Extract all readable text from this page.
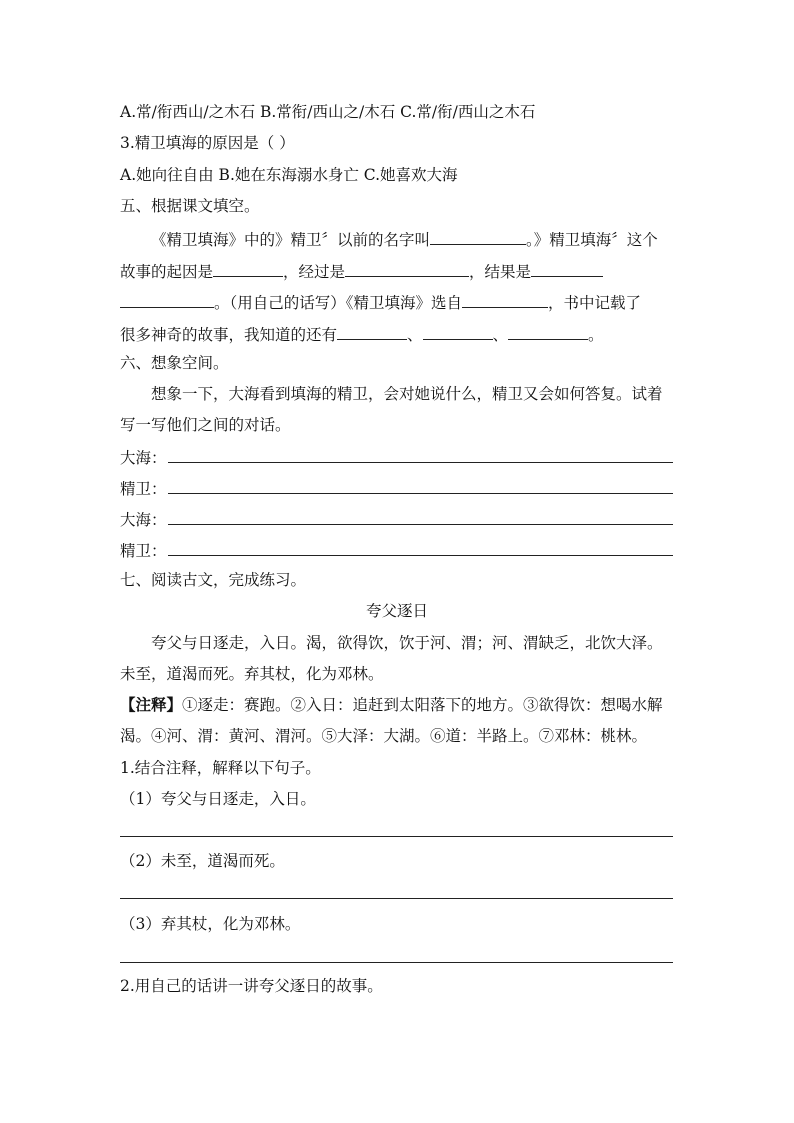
A.常/衔西山/之木石 B.常衔/西山之/木石 C.常/衔/西山之木石
3.精卫填海的原因是（ ）
A.她向往自由 B.她在东海溺水身亡 C.她喜欢大海
五、根据课文填空。
《精卫填海》中的》精卫〞以前的名字叫	。》精卫填海〞这个
故事的起因是	，经过是	，结果是
。（用自己的话写）《精卫填海》选自	，书中记载了
很多神奇的故事，我知道的还有	、	、	。
六、想象空间。
想象一下，大海看到填海的精卫，会对她说什么，精卫又会如何答复。试着
写一写他们之间的对话。
大海：
精卫：
大海：
精卫：
七、阅读古文，完成练习。
夸父逐日
夸父与日逐走，入日。渴，欲得饮，饮于河、渭；河、渭缺乏，北饮大泽。
未至，道渴而死。弃其杖，化为邓林。
【注释】①逐走：赛跑。②入日：追赶到太阳落下的地方。③欲得饮：想喝水解
渴。④河、渭：黄河、渭河。⑤大泽：大湖。⑥道：半路上。⑦邓林：桃林。
1.结合注释，解释以下句子。
（1）夸父与日逐走，入日。
（2）未至，道渴而死。
（3）弃其杖，化为邓林。
2.用自己的话讲一讲夸父逐日的故事。
